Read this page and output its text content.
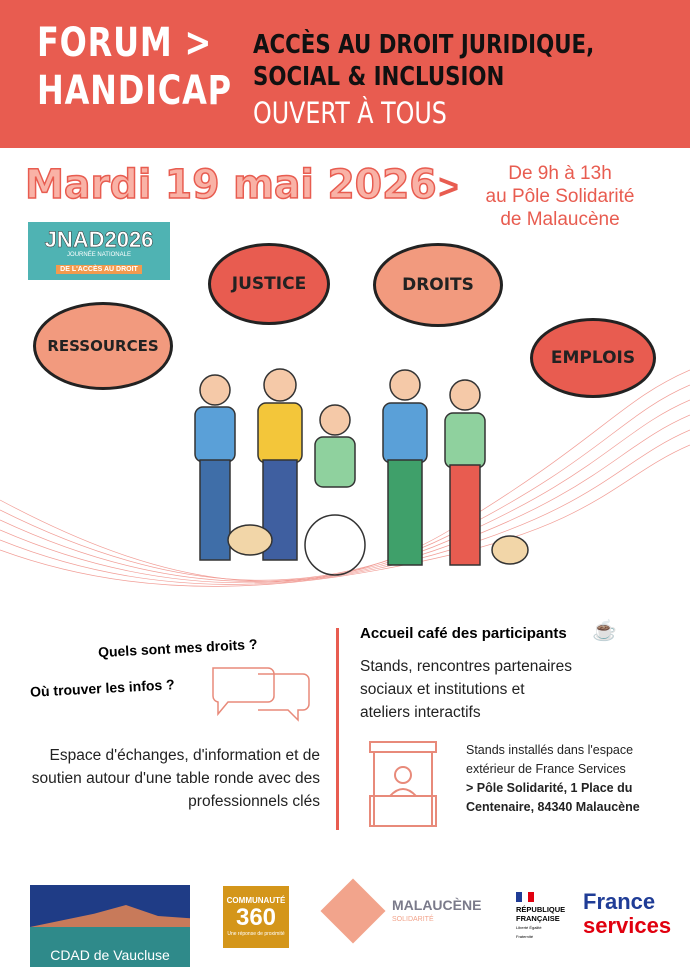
FORUM >
HANDICAP
ACCÈS AU DROIT JURIDIQUE,
SOCIAL & INCLUSION
OUVERT À TOUS
Mardi 19 mai 2026 >	De 9h à 13h
au Pôle Solidarité
de Malaucène
JNAD2026
JOURNÉE NATIONALE
DE L'ACCÈS AU DROIT
JUSTICE	DROITS
RESSOURCES
EMPLOIS
Quels sont mes droits ?
Où trouver les infos ?
Espace d'échanges, d'information et de soutien autour d'une table ronde avec des professionnels clés
Accueil café des participants ☕
Stands, rencontres partenaires
sociaux et institutions et
ateliers interactifs
Stands installés dans l'espace
extérieur de France Services
> Pôle Solidarité, 1 Place du
Centenaire, 84340 Malaucène
CDAD de Vaucluse
COMMUNAUTÉ
360
Une réponse de proximité
MALAUCÈNE
SOLIDARITÉ
RÉPUBLIQUE
FRANÇAISE
Liberté Égalité Fraternité
France
services
